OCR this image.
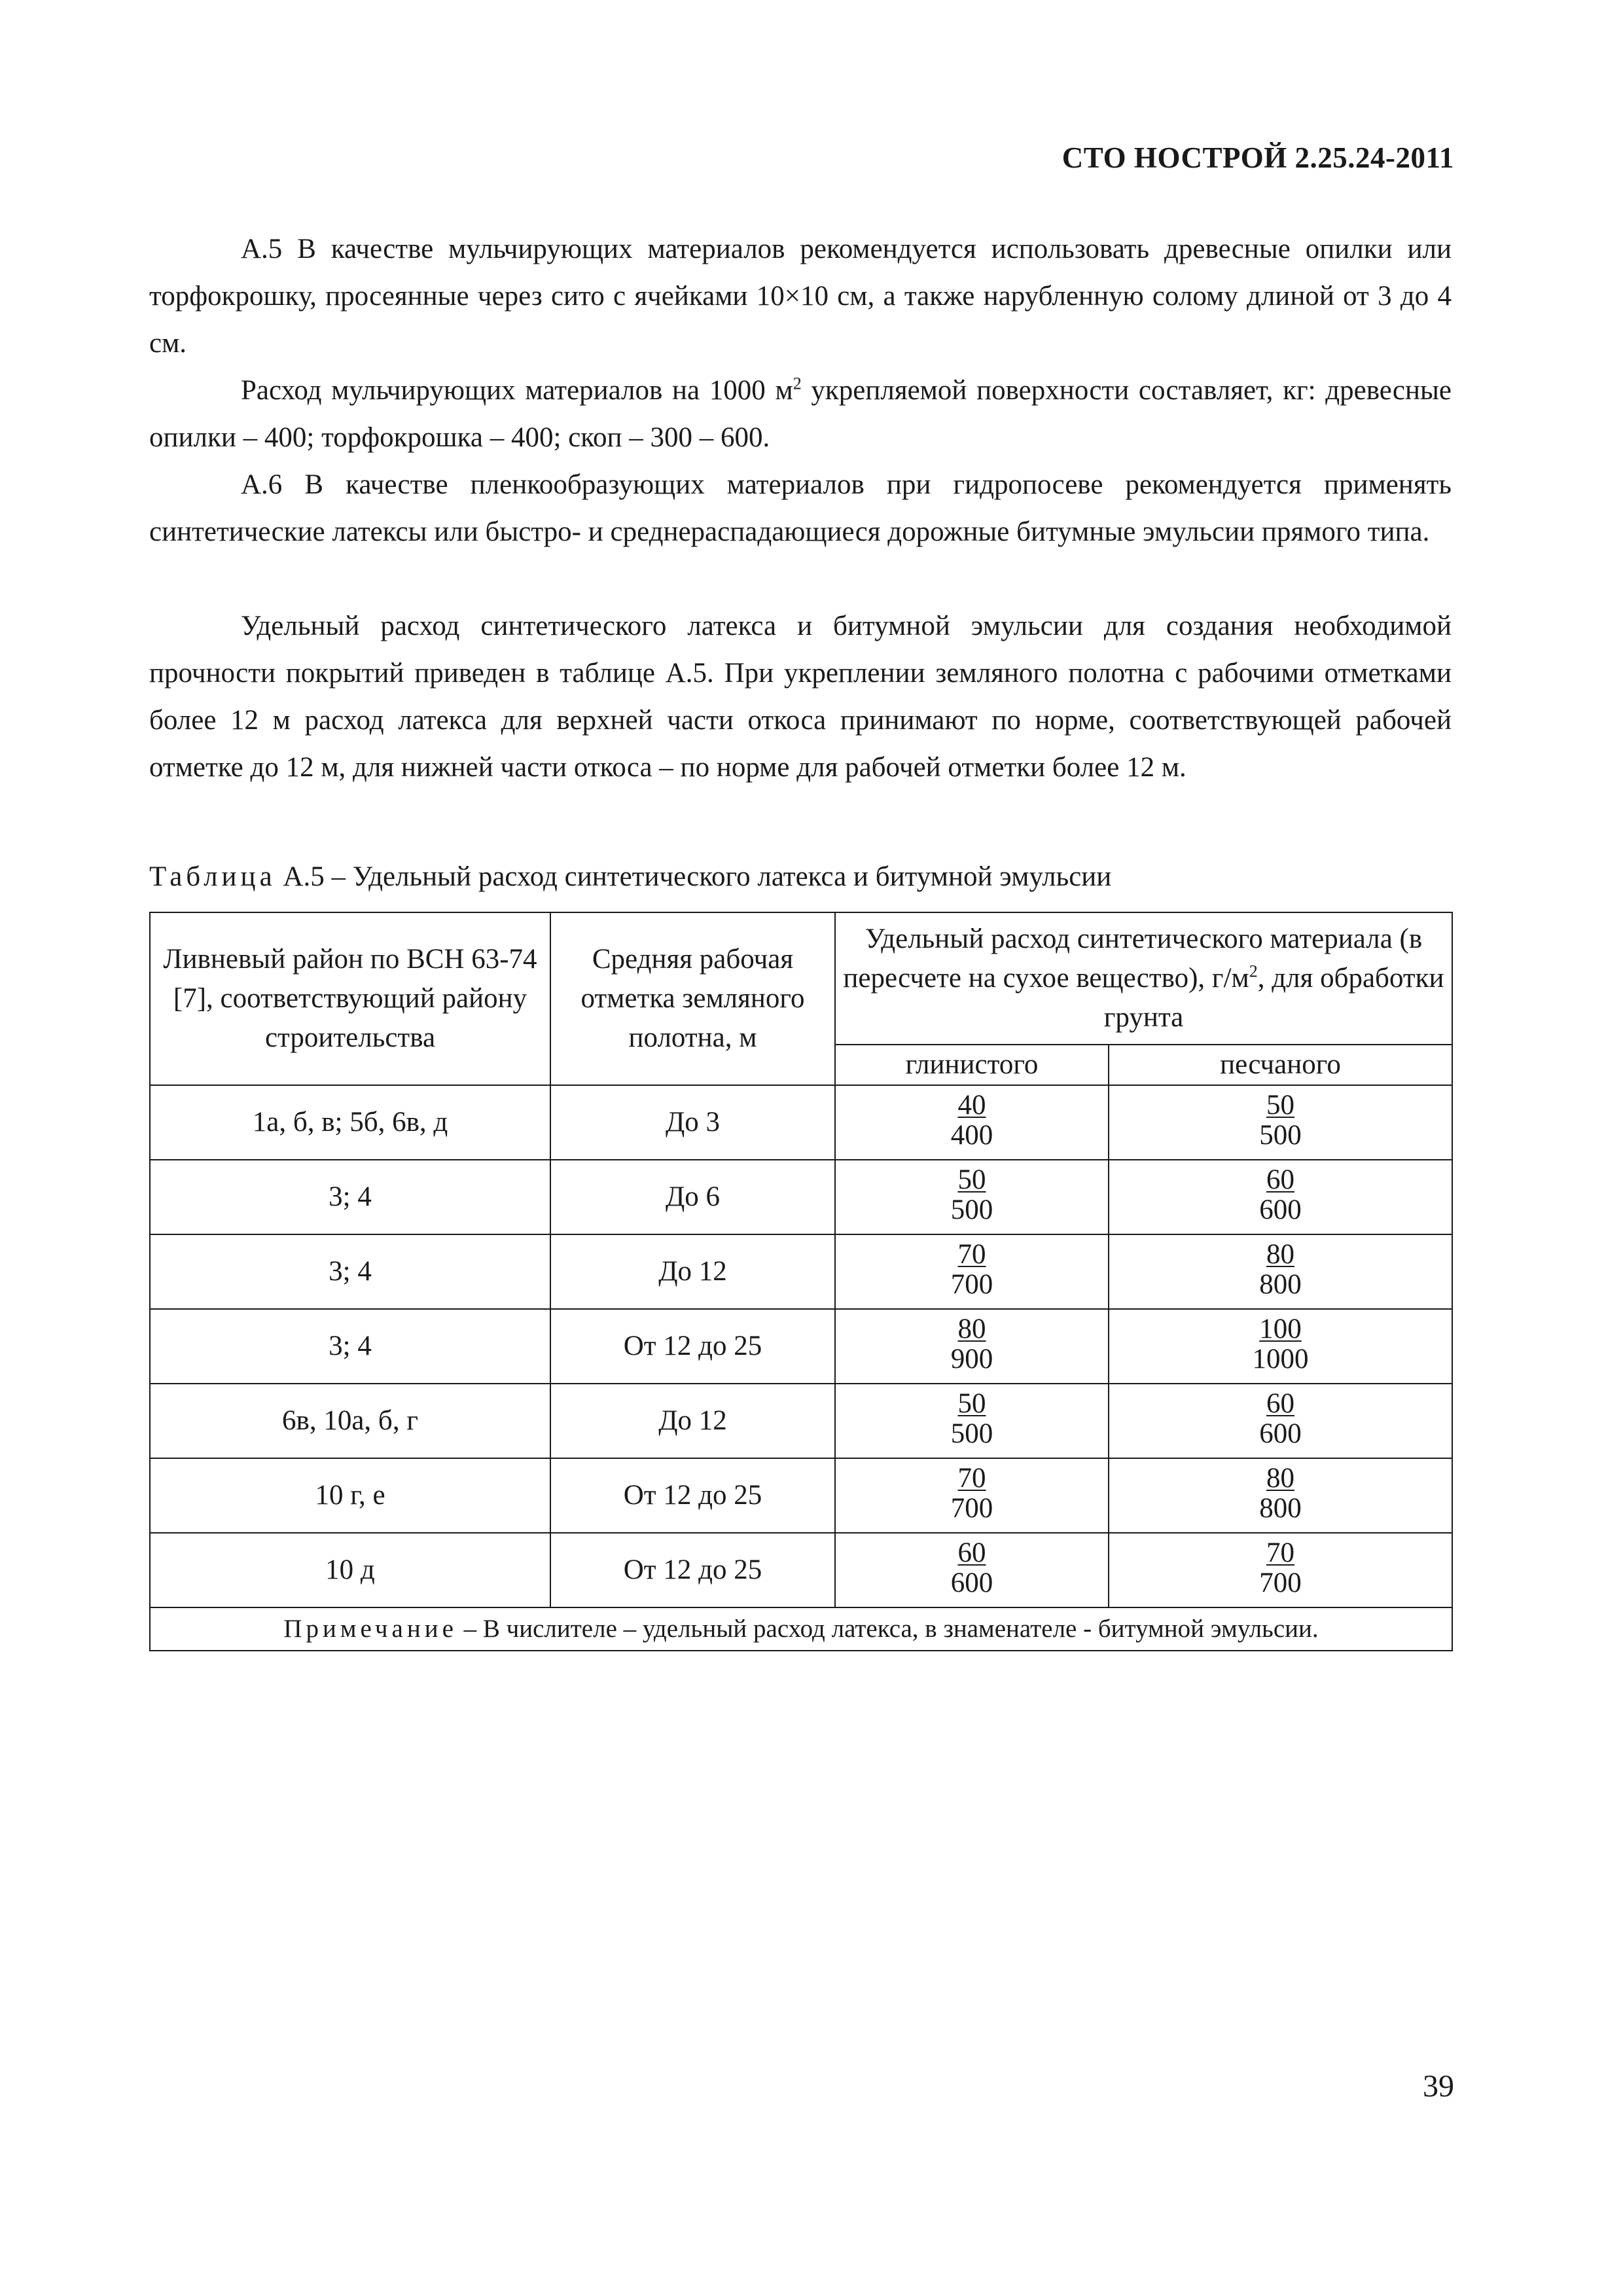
СТО НОСТРОЙ 2.25.24-2011

А.5 В качестве мульчирующих материалов рекомендуется использовать древесные опилки или торфокрошку, просеянные через сито с ячейками 10×10 см, а также нарубленную солому длиной от 3 до 4 см.

Расход мульчирующих материалов на 1000 $м^2$ укрепляемой поверхности составляет, кг: древесные опилки – 400; торфокрошка – 400; скоп – 300 – 600.

А.6 В качестве пленкообразующих материалов при гидропосеве рекомендуется применять синтетические латексы или быстро- и среднераспадающиеся дорожные битумные эмульсии прямого типа.

Удельный расход синтетического латекса и битумной эмульсии для создания необходимой прочности покрытий приведен в таблице А.5. При укреплении земляного полотна с рабочими отметками более 12 м расход латекса для верхней части откоса принимают по норме, соответствующей рабочей отметке до 12 м, для нижней части откоса – по норме для рабочей отметки более 12 м.

Таблица А.5 – Удельный расход синтетического латекса и битумной эмульсии
Ливневый район по ВСН 63-74 [7], соответствующий району строительства	Средняя рабочая отметка земляного полотна, м	Удельный расход синтетического материала (в пересчете на сухое вещество), $г/м^2$, для обработки грунта	
		глинистого	песчаного
1а, б, в; 5б, 6в, д	До 3	$\frac{40}{400}$	$\frac{50}{500}$

3; 4	До 6	$\frac{50}{500}$	$\frac{60}{600}$

3; 4	До 12	$\frac{70}{700}$	$\frac{80}{800}$

3; 4	От 12 до 25	$\frac{80}{900}$	$\frac{100}{1000}$

6в, 10а, б, г	До 12	$\frac{50}{500}$	$\frac{60}{600}$

10 г, е	От 12 до 25	$\frac{70}{700}$	$\frac{80}{800}$

10 д	От 12 до 25	$\frac{60}{600}$	$\frac{70}{700}$

Примечание – В числителе – удельный расход латекса, в знаменателе - битумной эмульсии.			
39
